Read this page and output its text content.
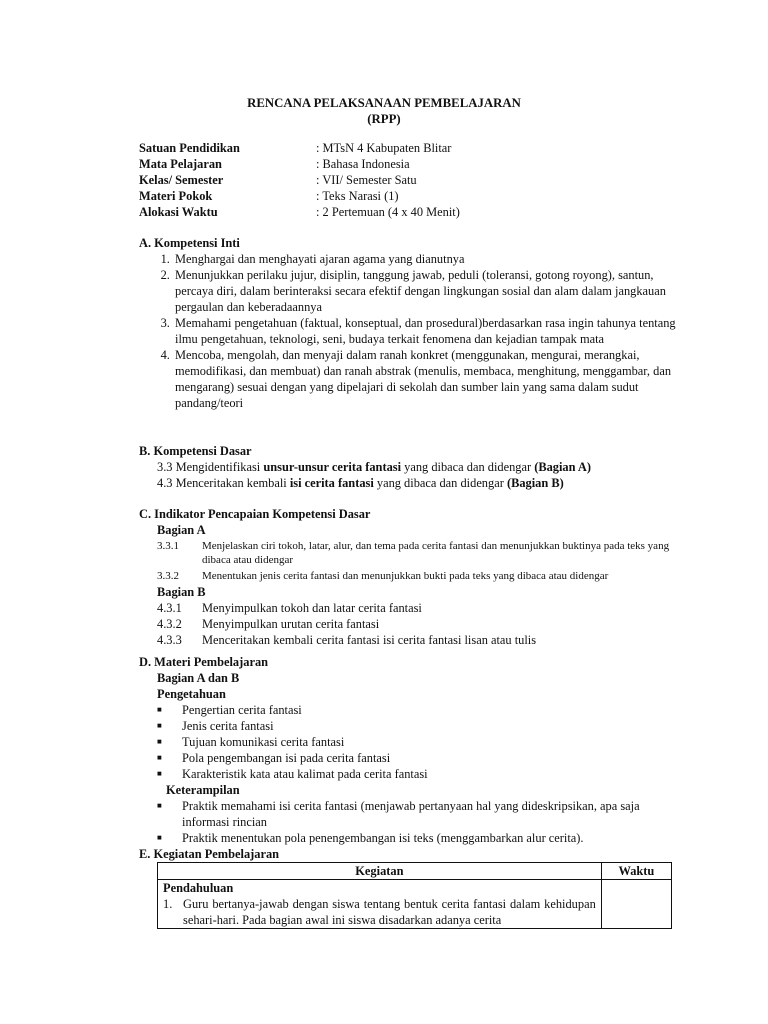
RENCANA PELAKSANAAN PEMBELAJARAN
(RPP)
Satuan Pendidikan	: MTsN 4 Kabupaten Blitar
Mata Pelajaran	: Bahasa Indonesia
Kelas/ Semester	: VII/ Semester Satu
Materi Pokok	: Teks Narasi (1)
Alokasi Waktu	: 2 Pertemuan (4 x 40 Menit)
A. Kompetensi Inti
1. Menghargai dan menghayati ajaran agama yang dianutnya
2. Menunjukkan perilaku jujur, disiplin, tanggung jawab, peduli (toleransi, gotong royong), santun, percaya diri, dalam berinteraksi secara efektif dengan lingkungan sosial dan alam dalam jangkauan pergaulan dan keberadaannya
3. Memahami pengetahuan (faktual, konseptual, dan prosedural)berdasarkan rasa ingin tahunya tentang ilmu pengetahuan, teknologi, seni, budaya terkait fenomena dan kejadian tampak mata
4. Mencoba, mengolah, dan menyaji dalam ranah konkret (menggunakan, mengurai, merangkai, memodifikasi, dan membuat) dan ranah abstrak (menulis, membaca, menghitung, menggambar, dan mengarang) sesuai dengan yang dipelajari di sekolah dan sumber lain yang sama dalam sudut pandang/teori
B. Kompetensi Dasar
3.3 Mengidentifikasi unsur-unsur cerita fantasi yang dibaca dan didengar (Bagian A)
4.3 Menceritakan kembali isi cerita fantasi yang dibaca dan didengar (Bagian B)
C. Indikator Pencapaian Kompetensi Dasar
Bagian A
3.3.1	Menjelaskan ciri tokoh, latar, alur, dan tema pada cerita fantasi dan menunjukkan buktinya pada teks yang dibaca atau didengar
3.3.2	Menentukan jenis cerita fantasi dan menunjukkan bukti pada teks yang dibaca atau didengar
Bagian B
4.3.1	Menyimpulkan tokoh dan latar cerita fantasi
4.3.2	Menyimpulkan urutan cerita fantasi
4.3.3	Menceritakan kembali cerita fantasi isi cerita fantasi lisan atau tulis
D. Materi Pembelajaran
Bagian A dan B
Pengetahuan
■	Pengertian cerita fantasi
■	Jenis cerita fantasi
■	Tujuan komunikasi cerita fantasi
■	Pola pengembangan isi pada cerita fantasi
■	Karakteristik kata atau kalimat pada cerita fantasi
Keterampilan
■	Praktik memahami isi cerita fantasi (menjawab pertanyaan hal yang dideskripsikan, apa saja informasi rincian
■	Praktik menentukan pola penengembangan isi teks (menggambarkan alur cerita).
E. Kegiatan Pembelajaran
Kegiatan	Waktu

Pendahuluan
1. Guru bertanya-jawab dengan siswa tentang bentuk cerita fantasi dalam kehidupan sehari-hari. Pada bagian awal ini siswa disadarkan adanya cerita	
